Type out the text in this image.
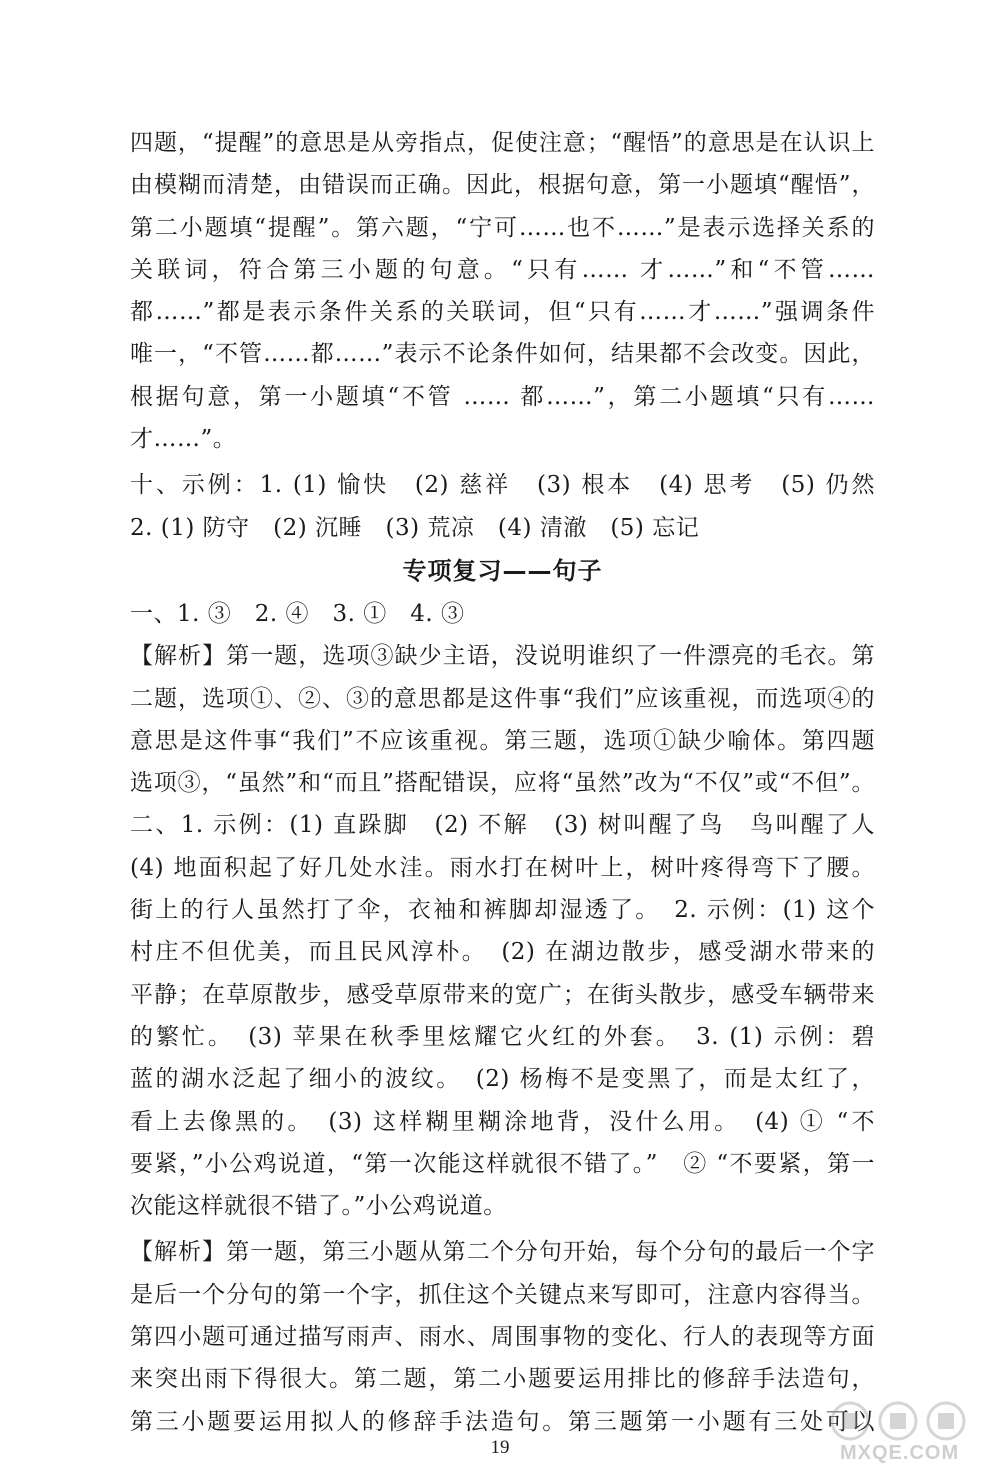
四题，“提醒”的意思是从旁指点，促使注意；“醒悟”的意思是在认识上
由模糊而清楚，由错误而正确。因此，根据句意，第一小题填“醒悟”，
第二小题填“提醒”。第六题，“宁可……也不……”是表示选择关系的
关联词，符合第三小题的句意。“只有…… 才……”和“不管……
都……”都是表示条件关系的关联词，但“只有……才……”强调条件
唯一，“不管……都……”表示不论条件如何，结果都不会改变。因此，
根据句意，第一小题填“不管 …… 都……”，第二小题填“只有……
才……”。
十、示例：1. (1) 愉快　(2) 慈祥　(3) 根本　(4) 思考　(5) 仍然
2. (1) 防守　(2) 沉睡　(3) 荒凉　(4) 清澈　(5) 忘记
专项复习——句子
一、1. ③　2. ④　3. ①　4. ③
【解析】第一题，选项③缺少主语，没说明谁织了一件漂亮的毛衣。第
二题，选项①、②、③的意思都是这件事“我们”应该重视，而选项④的
意思是这件事“我们”不应该重视。第三题，选项①缺少喻体。第四题
选项③，“虽然”和“而且”搭配错误，应将“虽然”改为“不仅”或“不但”。
二、1. 示例：(1) 直跺脚　(2) 不解　(3) 树叫醒了鸟　鸟叫醒了人
(4) 地面积起了好几处水洼。雨水打在树叶上，树叶疼得弯下了腰。
街上的行人虽然打了伞，衣袖和裤脚却湿透了。　2. 示例：(1) 这个
村庄不但优美，而且民风淳朴。　(2) 在湖边散步，感受湖水带来的
平静；在草原散步，感受草原带来的宽广；在街头散步，感受车辆带来
的繁忙。　(3) 苹果在秋季里炫耀它火红的外套。　3. (1) 示例：碧
蓝的湖水泛起了细小的波纹。　(2) 杨梅不是变黑了，而是太红了，
看上去像黑的。　(3) 这样糊里糊涂地背，没什么用。　(4) ① “不
要紧，”小公鸡说道，“第一次能这样就很不错了。”　② “不要紧，第一
次能这样就很不错了。”小公鸡说道。
【解析】第一题，第三小题从第二个分句开始，每个分句的最后一个字
是后一个分句的第一个字，抓住这个关键点来写即可，注意内容得当。
第四小题可通过描写雨声、雨水、周围事物的变化、行人的表现等方面
来突出雨下得很大。第二题，第二小题要运用排比的修辞手法造句，
第三小题要运用拟人的修辞手法造句。第三题第一小题有三处可以
19	MXQE.COM
